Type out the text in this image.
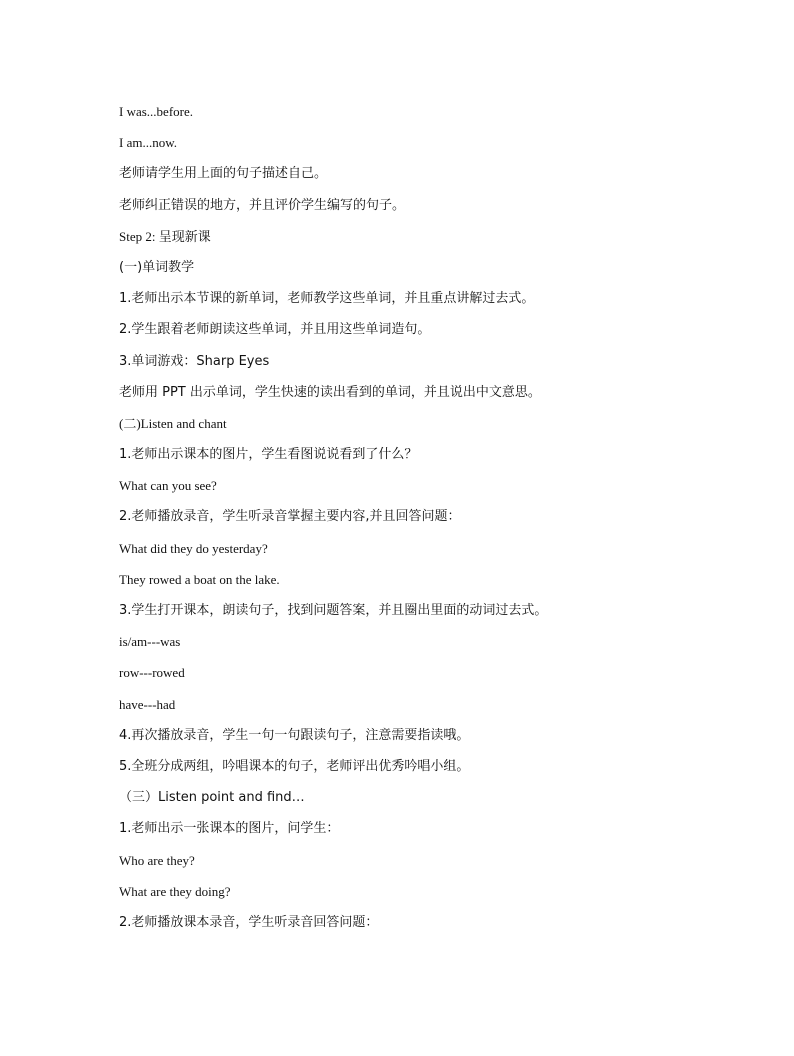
I was...before.
I am...now.
老师请学生用上面的句子描述自己。
老师纠正错误的地方，并且评价学生编写的句子。
Step 2: 呈现新课
(一)单词教学
1.老师出示本节课的新单词，老师教学这些单词，并且重点讲解过去式。
2.学生跟着老师朗读这些单词，并且用这些单词造句。
3.单词游戏：Sharp Eyes
老师用 PPT 出示单词，学生快速的读出看到的单词，并且说出中文意思。
(二)Listen and chant
1.老师出示课本的图片，学生看图说说看到了什么？
What can you see?
2.老师播放录音，学生听录音掌握主要内容,并且回答问题：
What did they do yesterday?
They rowed a boat on the lake.
3.学生打开课本，朗读句子，找到问题答案，并且圈出里面的动词过去式。
is/am---was
row---rowed
have---had
4.再次播放录音，学生一句一句跟读句子，注意需要指读哦。
5.全班分成两组，吟唱课本的句子，老师评出优秀吟唱小组。
（三）Listen point and find…
1.老师出示一张课本的图片，问学生：
Who are they?
What are they doing?
2.老师播放课本录音，学生听录音回答问题：
